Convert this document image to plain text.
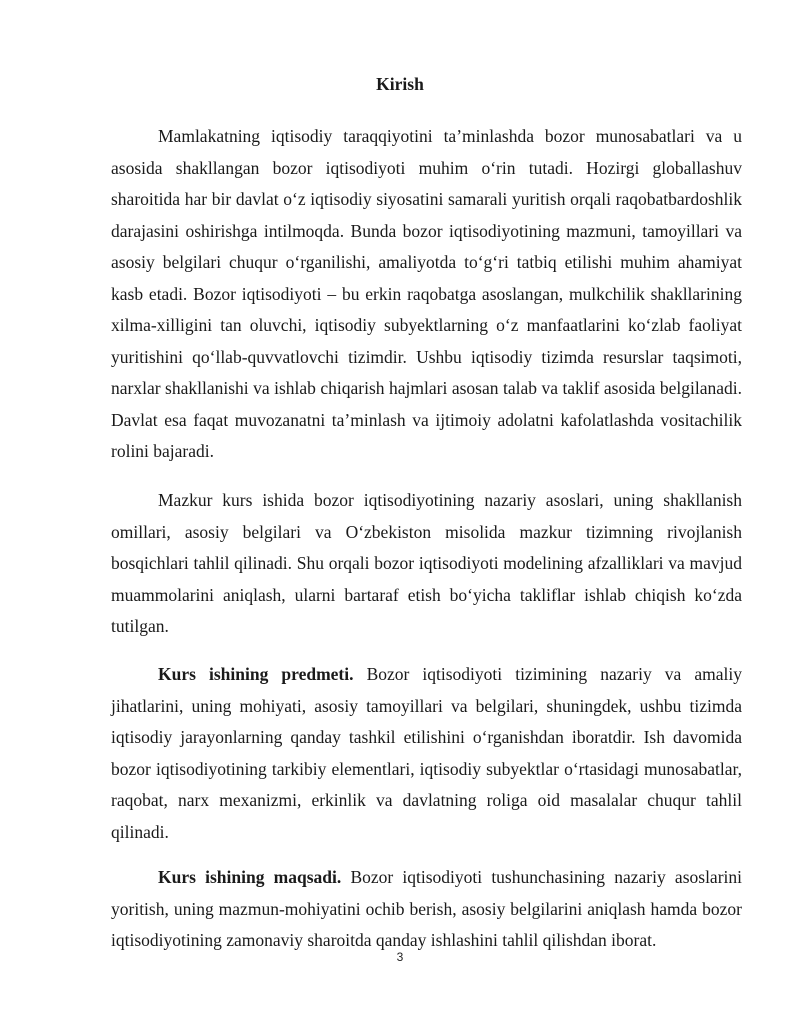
Kirish

Mamlakatning iqtisodiy taraqqiyotini ta’minlashda bozor munosabatlari va u asosida shakllangan bozor iqtisodiyoti muhim o‘rin tutadi. Hozirgi globallashuv sharoitida har bir davlat o‘z iqtisodiy siyosatini samarali yuritish orqali raqobatbardoshlik darajasini oshirishga intilmoqda. Bunda bozor iqtisodiyotining mazmuni, tamoyillari va asosiy belgilari chuqur o‘rganilishi, amaliyotda to‘g‘ri tatbiq etilishi muhim ahamiyat kasb etadi. Bozor iqtisodiyoti – bu erkin raqobatga asoslangan, mulkchilik shakllarining xilma-xilligini tan oluvchi, iqtisodiy subyektlarning o‘z manfaatlarini ko‘zlab faoliyat yuritishini qo‘llab-quvvatlovchi tizimdir. Ushbu iqtisodiy tizimda resurslar taqsimoti, narxlar shakllanishi va ishlab chiqarish hajmlari asosan talab va taklif asosida belgilanadi. Davlat esa faqat muvozanatni ta’minlash va ijtimoiy adolatni kafolatlashda vositachilik rolini bajaradi.

Mazkur kurs ishida bozor iqtisodiyotining nazariy asoslari, uning shakllanish omillari, asosiy belgilari va O‘zbekiston misolida mazkur tizimning rivojlanish bosqichlari tahlil qilinadi. Shu orqali bozor iqtisodiyoti modelining afzalliklari va mavjud muammolarini aniqlash, ularni bartaraf etish bo‘yicha takliflar ishlab chiqish ko‘zda tutilgan.

Kurs ishining predmeti. Bozor iqtisodiyoti tizimining nazariy va amaliy jihatlarini, uning mohiyati, asosiy tamoyillari va belgilari, shuningdek, ushbu tizimda iqtisodiy jarayonlarning qanday tashkil etilishini o‘rganishdan iboratdir. Ish davomida bozor iqtisodiyotining tarkibiy elementlari, iqtisodiy subyektlar o‘rtasidagi munosabatlar, raqobat, narx mexanizmi, erkinlik va davlatning roliga oid masalalar chuqur tahlil qilinadi.

Kurs ishining maqsadi. Bozor iqtisodiyoti tushunchasining nazariy asoslarini yoritish, uning mazmun-mohiyatini ochib berish, asosiy belgilarini aniqlash hamda bozor iqtisodiyotining zamonaviy sharoitda qanday ishlashini tahlil qilishdan iborat.

3
